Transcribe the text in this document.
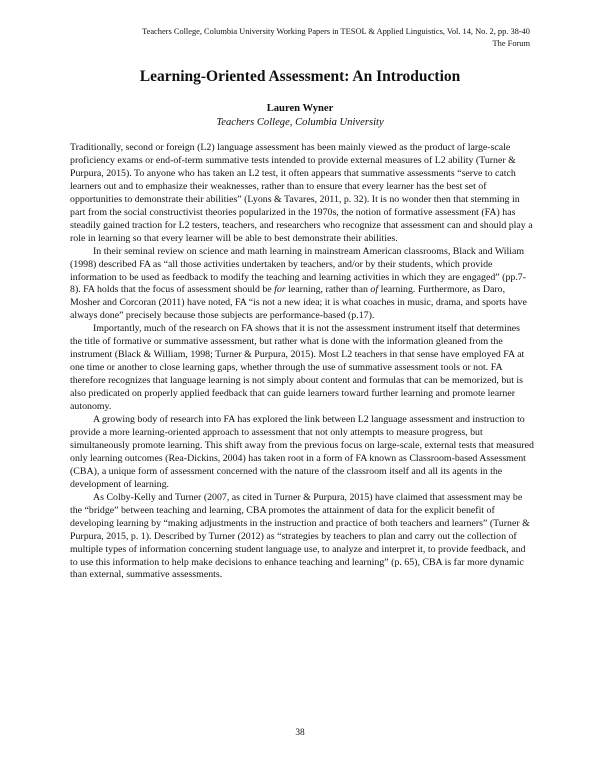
Teachers College, Columbia University Working Papers in TESOL & Applied Linguistics, Vol. 14, No. 2, pp. 38-40
The Forum
Learning-Oriented Assessment: An Introduction
Lauren Wyner
Teachers College, Columbia University

Traditionally, second or foreign (L2) language assessment has been mainly viewed as the product of large-scale proficiency exams or end-of-term summative tests intended to provide external measures of L2 ability (Turner & Purpura, 2015). To anyone who has taken an L2 test, it often appears that summative assessments “serve to catch learners out and to emphasize their weaknesses, rather than to ensure that every learner has the best set of opportunities to demonstrate their abilities” (Lyons & Tavares, 2011, p. 32). It is no wonder then that stemming in part from the social constructivist theories popularized in the 1970s, the notion of formative assessment (FA) has steadily gained traction for L2 testers, teachers, and researchers who recognize that assessment can and should play a role in learning so that every learner will be able to best demonstrate their abilities.

In their seminal review on science and math learning in mainstream American classrooms, Black and Wiliam (1998) described FA as “all those activities undertaken by teachers, and/or by their students, which provide information to be used as feedback to modify the teaching and learning activities in which they are engaged” (pp.7-8). FA holds that the focus of assessment should be for learning, rather than of learning. Furthermore, as Daro, Mosher and Corcoran (2011) have noted, FA “is not a new idea; it is what coaches in music, drama, and sports have always done” precisely because those subjects are performance-based (p.17).

Importantly, much of the research on FA shows that it is not the assessment instrument itself that determines the title of formative or summative assessment, but rather what is done with the information gleaned from the instrument (Black & William, 1998; Turner & Purpura, 2015). Most L2 teachers in that sense have employed FA at one time or another to close learning gaps, whether through the use of summative assessment tools or not. FA therefore recognizes that language learning is not simply about content and formulas that can be memorized, but is also predicated on properly applied feedback that can guide learners toward further learning and promote learner autonomy.

A growing body of research into FA has explored the link between L2 language assessment and instruction to provide a more learning-oriented approach to assessment that not only attempts to measure progress, but simultaneously promote learning. This shift away from the previous focus on large-scale, external tests that measured only learning outcomes (Rea-Dickins, 2004) has taken root in a form of FA known as Classroom-based Assessment (CBA), a unique form of assessment concerned with the nature of the classroom itself and all its agents in the development of learning.

As Colby-Kelly and Turner (2007, as cited in Turner & Purpura, 2015) have claimed that assessment may be the “bridge” between teaching and learning, CBA promotes the attainment of data for the explicit benefit of developing learning by “making adjustments in the instruction and practice of both teachers and learners” (Turner & Purpura, 2015, p. 1). Described by Turner (2012) as “strategies by teachers to plan and carry out the collection of multiple types of information concerning student language use, to analyze and interpret it, to provide feedback, and to use this information to help make decisions to enhance teaching and learning” (p. 65), CBA is far more dynamic than external, summative assessments.

38
